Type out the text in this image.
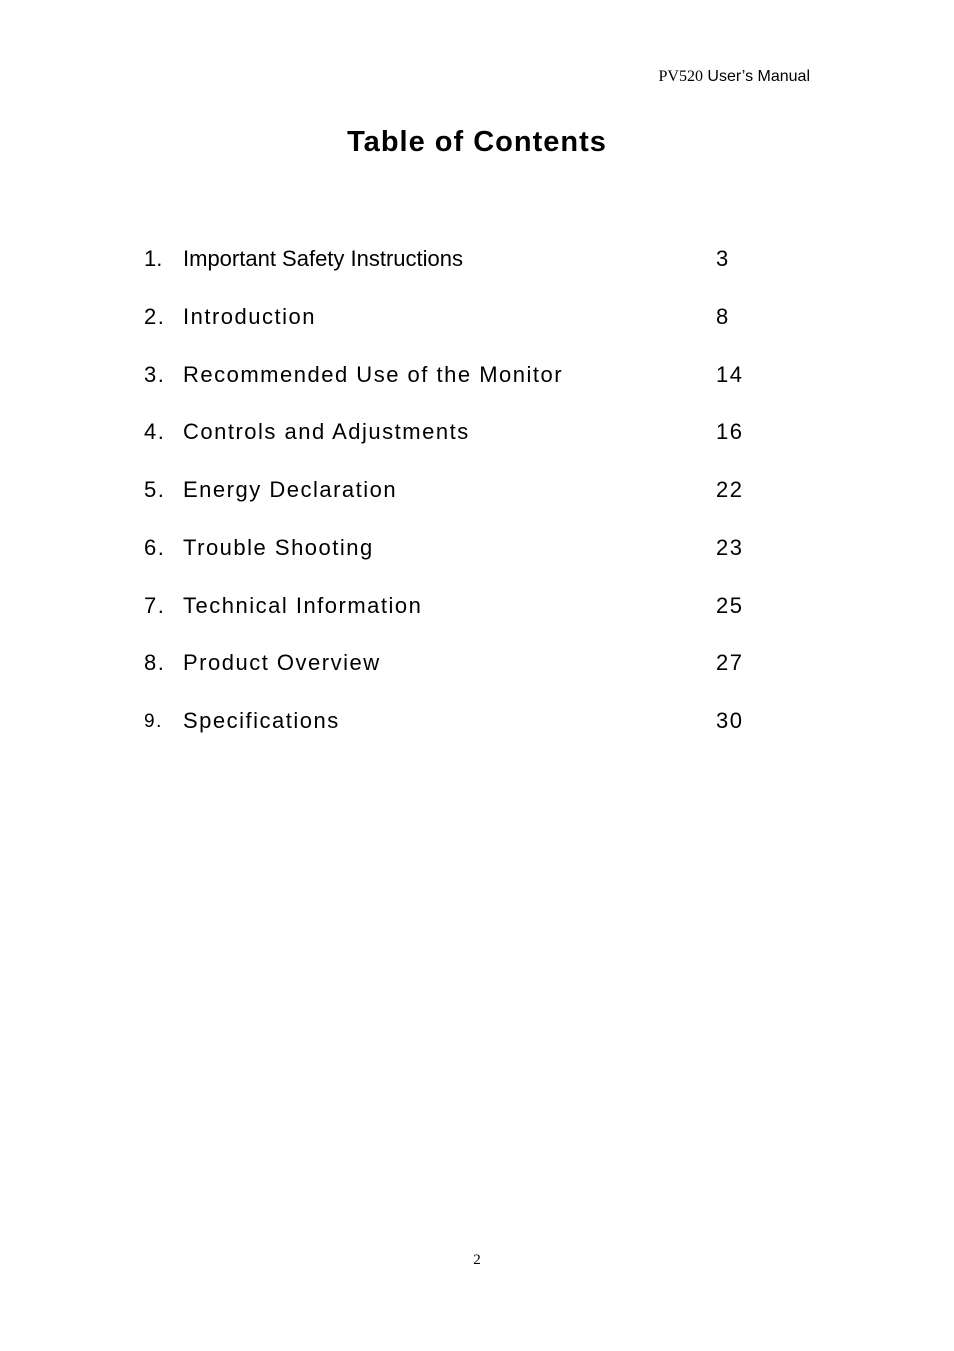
PV520 User’s Manual
Table of Contents
1. Important Safety Instructions	3
2. Introduction	8
3. Recommended Use of the Monitor	14
4. Controls and Adjustments	16
5. Energy Declaration	22
6. Trouble Shooting	23
7. Technical Information	25
8. Product Overview	27
9. Specifications	30
2
